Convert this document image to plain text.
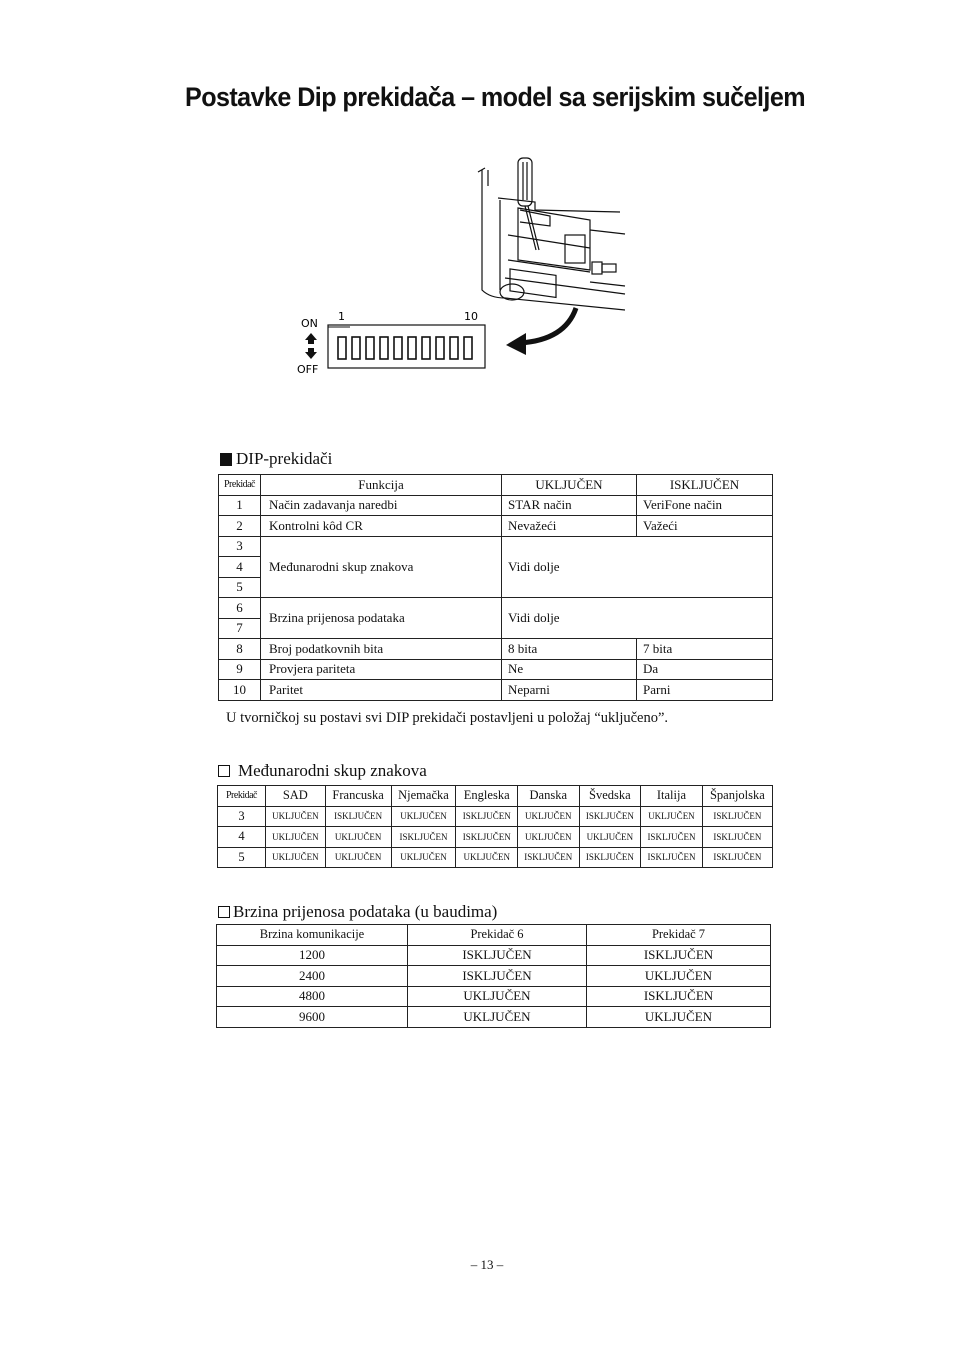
Postavke Dip prekidača – model sa serijskim sučeljem
ON
OFF
1	10
DIP-prekidači
Prekidač	Funkcija	UKLJUČEN	ISKLJUČEN
1	Način zadavanja naredbi	STAR način	VeriFone način
2	Kontrolni kôd CR	Nevažeći	Važeći
3	Međunarodni skup znakova	Vidi dolje	
4			
5			
6	Brzina prijenosa podataka	Vidi dolje	
7			
8	Broj podatkovnih bita	8 bita	7 bita
9	Provjera pariteta	Ne	Da
10	Paritet	Neparni	Parni
U tvorničkoj su postavi svi DIP prekidači postavljeni u položaj “uključeno”.
Međunarodni skup znakova
Prekidač	SAD	Francuska	Njemačka	Engleska	Danska	Švedska	Italija	Španjolska
3	UKLJUČEN	ISKLJUČEN	UKLJUČEN	ISKLJUČEN	UKLJUČEN	ISKLJUČEN	UKLJUČEN	ISKLJUČEN
4	UKLJUČEN	UKLJUČEN	ISKLJUČEN	ISKLJUČEN	UKLJUČEN	UKLJUČEN	ISKLJUČEN	ISKLJUČEN
5	UKLJUČEN	UKLJUČEN	UKLJUČEN	UKLJUČEN	ISKLJUČEN	ISKLJUČEN	ISKLJUČEN	ISKLJUČEN
Brzina prijenosa podataka (u baudima)
Brzina komunikacije	Prekidač 6	Prekidač 7
1200	ISKLJUČEN	ISKLJUČEN
2400	ISKLJUČEN	UKLJUČEN
4800	UKLJUČEN	ISKLJUČEN
9600	UKLJUČEN	UKLJUČEN
– 13 –
